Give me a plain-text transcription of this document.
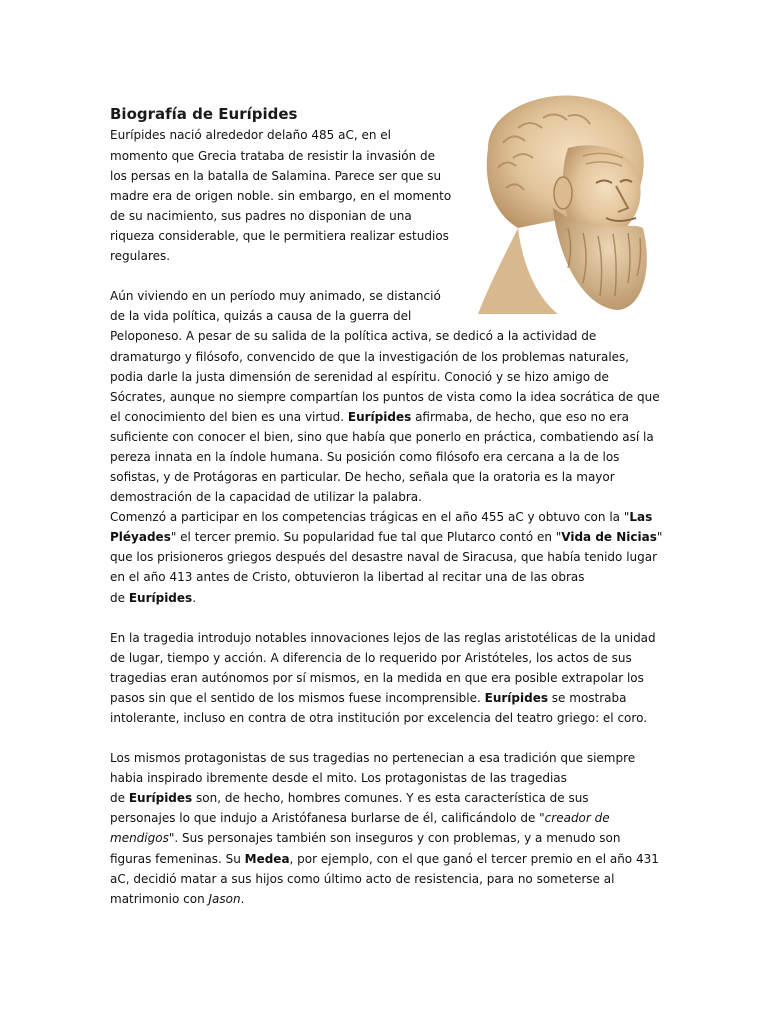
Biografía de Eurípides
Eurípides nació alrededor delaño 485 aC, en el
momento que Grecia trataba de resistir la invasión de
los persas en la batalla de Salamina. Parece ser que su
madre era de origen noble. sin embargo, en el momento
de su nacimiento, sus padres no disponian de una
riqueza considerable, que le permitiera realizar estudios
regulares.
Aún viviendo en un período muy animado, se distanció
de la vida política, quizás a causa de la guerra del
Peloponeso. A pesar de su salida de la política activa, se dedicó a la actividad de
dramaturgo y filósofo, convencido de que la investigación de los problemas naturales,
podia darle la justa dimensión de serenidad al espíritu. Conoció y se hizo amigo de
Sócrates, aunque no siempre compartían los puntos de vista como la idea socrática de que
el conocimiento del bien es una virtud. Eurípides afirmaba, de hecho, que eso no era
suficiente con conocer el bien, sino que había que ponerlo en práctica, combatiendo así la
pereza innata en la índole humana. Su posición como filósofo era cercana a la de los
sofistas, y de Protágoras en particular. De hecho, señala que la oratoria es la mayor
demostración de la capacidad de utilizar la palabra.
Comenzó a participar en los competencias trágicas en el año 455 aC y obtuvo con la "Las
Pléyades" el tercer premio. Su popularidad fue tal que Plutarco contó en "Vida de Nicias"
que los prisioneros griegos después del desastre naval de Siracusa, que había tenido lugar
en el año 413 antes de Cristo, obtuvieron la libertad al recitar una de las obras
de Eurípides.
En la tragedia introdujo notables innovaciones lejos de las reglas aristotélicas de la unidad
de lugar, tiempo y acción. A diferencia de lo requerido por Aristóteles, los actos de sus
tragedias eran autónomos por sí mismos, en la medida en que era posible extrapolar los
pasos sin que el sentido de los mismos fuese incomprensible. Eurípides se mostraba
intolerante, incluso en contra de otra institución por excelencia del teatro griego: el coro.
Los mismos protagonistas de sus tragedias no pertenecian a esa tradición que siempre
habia inspirado ibremente desde el mito. Los protagonistas de las tragedias
de Eurípides son, de hecho, hombres comunes. Y es esta característica de sus
personajes lo que indujo a Aristófanesa burlarse de él, calificándolo de "creador de
mendigos". Sus personajes también son inseguros y con problemas, y a menudo son
figuras femeninas. Su Medea, por ejemplo, con el que ganó el tercer premio en el año 431
aC, decidió matar a sus hijos como último acto de resistencia, para no someterse al
matrimonio con Jason.
